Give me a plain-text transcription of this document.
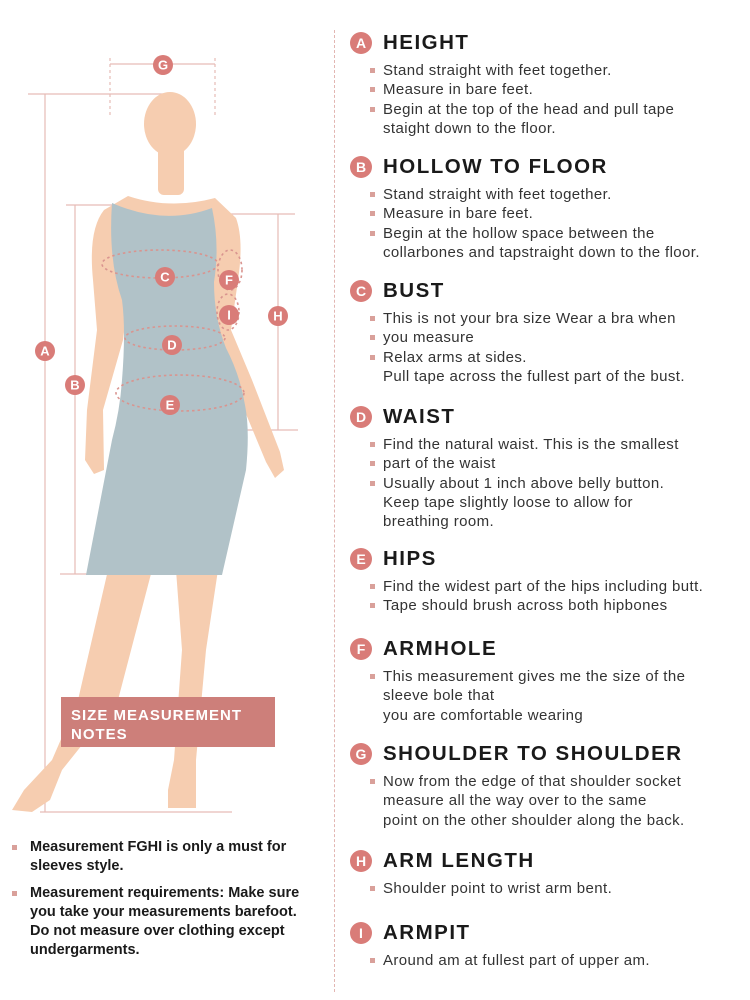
G
A
B
C	F
I	H
D
E
SIZE MEASUREMENT
NOTES
Measurement FGHI is only a must for
sleeves style.
Measurement requirements: Make sure
you take your measurements barefoot.
Do not measure over clothing except
undergarments.
A HEIGHT
Stand straight with feet together.
Measure in bare feet.
Begin at the top of the head and pull tape
staight down to the floor.
B HOLLOW TO FLOOR
Stand straight with feet together.
Measure in bare feet.
Begin at the hollow space between the
collarbones and tapstraight down to the floor.
C BUST
This is not your bra size Wear a bra when
you measure
Relax arms at sides.
Pull tape across the fullest part of the bust.
D WAIST
Find the natural waist. This is the smallest
part of the waist
Usually about 1 inch above belly button.
Keep tape slightly loose to allow for
breathing room.
E HIPS
Find the widest part of the hips including butt.
Tape should brush across both hipbones
F ARMHOLE
This measurement gives me the size of the
sleeve bole that
you are comfortable wearing
G SHOULDER TO SHOULDER
Now from the edge of that shoulder socket
measure all the way over to the same
point on the other shoulder along the back.
H ARM LENGTH
Shoulder point to wrist arm bent.
I ARMPIT
Around am at fullest part of upper am.
